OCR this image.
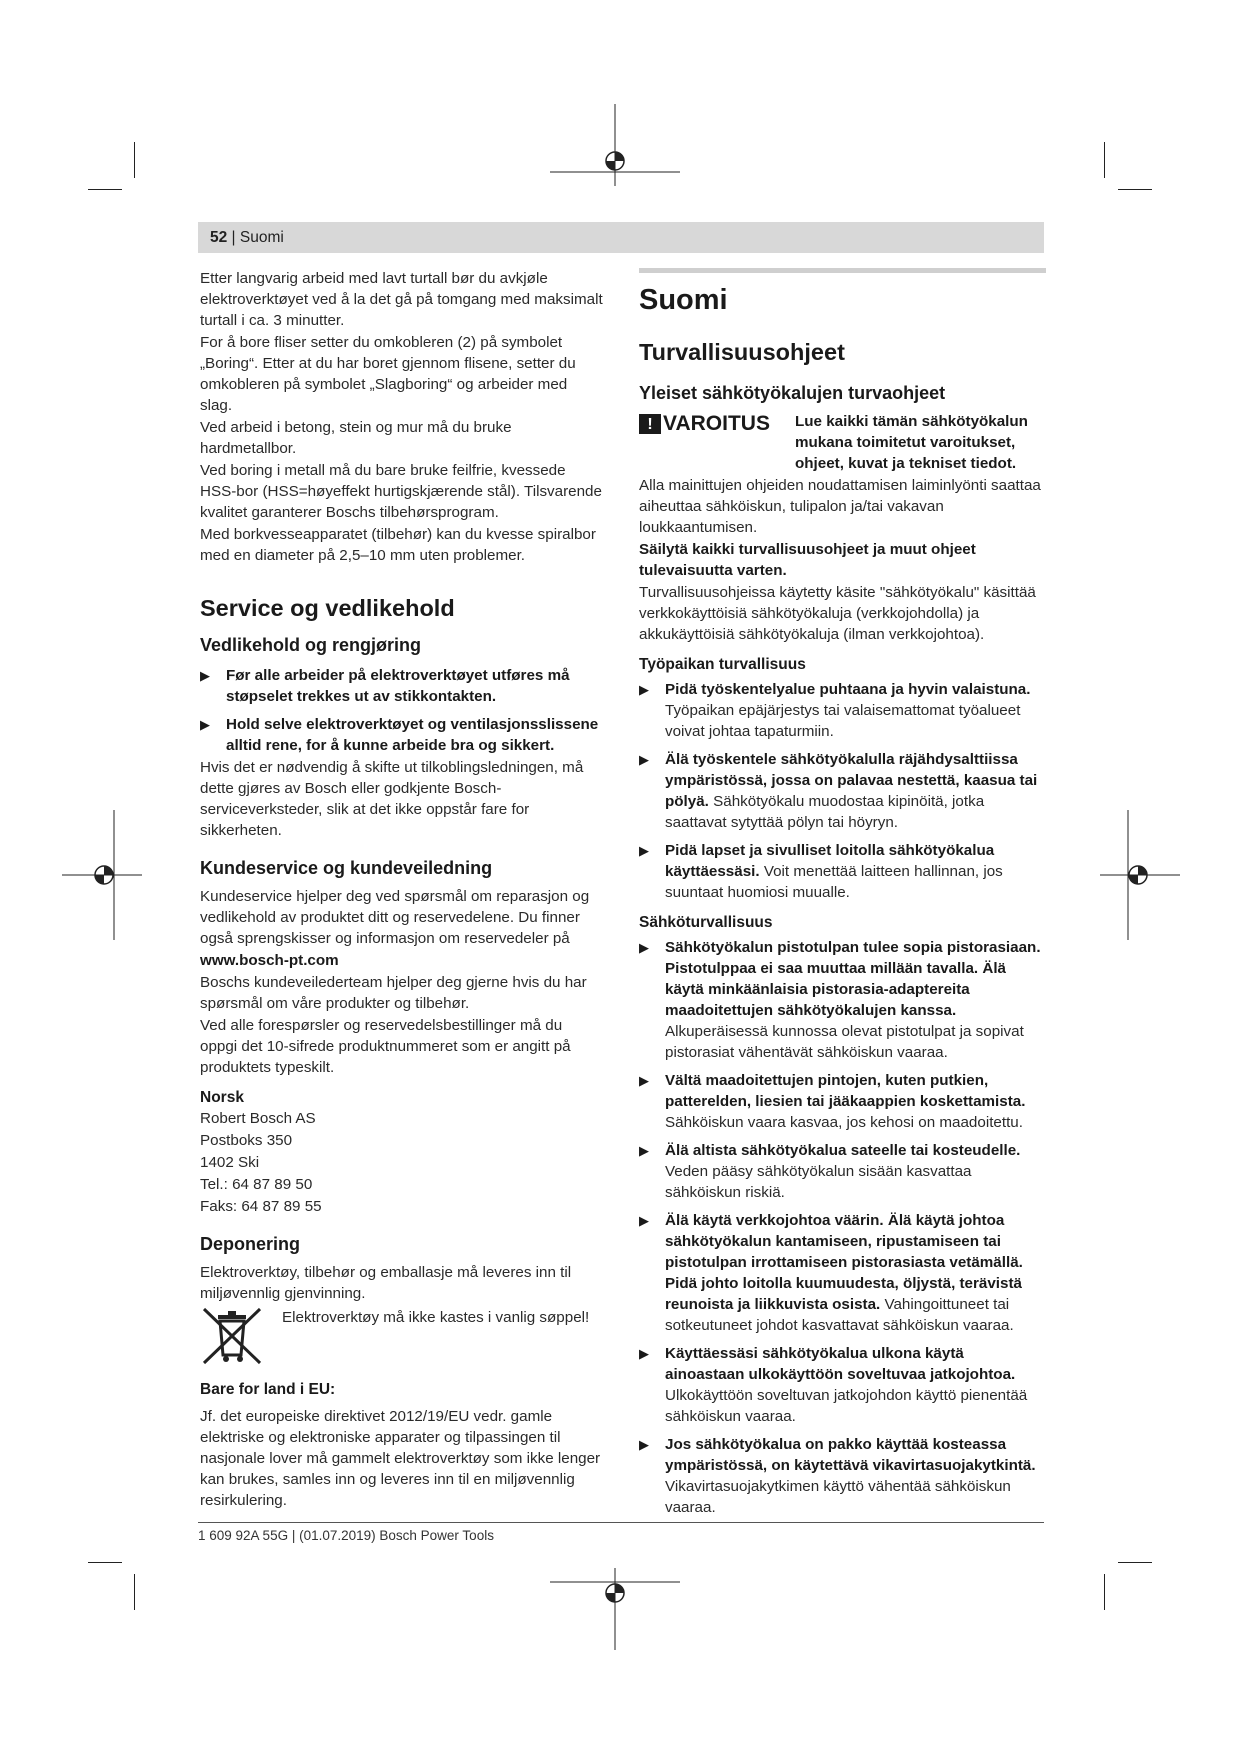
52 | Suomi

Etter langvarig arbeid med lavt turtall bør du avkjøle elektroverktøyet ved å la det gå på tomgang med maksimalt turtall i ca. 3 minutter.

For å bore fliser setter du omkobleren (2) på symbolet „Boring“. Etter at du har boret gjennom flisene, setter du omkobleren på symbolet „Slagboring“ og arbeider med slag.

Ved arbeid i betong, stein og mur må du bruke hardmetallbor.

Ved boring i metall må du bare bruke feilfrie, kvessede HSS-bor (HSS=høyeffekt hurtigskjærende stål). Tilsvarende kvalitet garanterer Boschs tilbehørsprogram.

Med borkvesseapparatet (tilbehør) kan du kvesse spiralbor med en diameter på 2,5–10 mm uten problemer.

Service og vedlikehold
Vedlikehold og rengjøring
▶ Før alle arbeider på elektroverktøyet utføres må støpselet trekkes ut av stikkontakten.
▶ Hold selve elektroverktøyet og ventilasjonsslissene alltid rene, for å kunne arbeide bra og sikkert.

Hvis det er nødvendig å skifte ut tilkoblingsledningen, må dette gjøres av Bosch eller godkjente Bosch-serviceverksteder, slik at det ikke oppstår fare for sikkerheten.

Kundeservice og kundeveiledning

Kundeservice hjelper deg ved spørsmål om reparasjon og vedlikehold av produktet ditt og reservedelene. Du finner også sprengskisser og informasjon om reservedeler på

www.bosch-pt.com

Boschs kundeveilederteam hjelper deg gjerne hvis du har spørsmål om våre produkter og tilbehør.

Ved alle forespørsler og reservedelsbestillinger må du oppgi det 10-sifrede produktnummeret som er angitt på produktets typeskilt.

Norsk

Robert Bosch AS

Postboks 350

1402 Ski

Tel.: 64 87 89 50

Faks: 64 87 89 55

Deponering

Elektroverktøy, tilbehør og emballasje må leveres inn til miljøvennlig gjenvinning.

Elektroverktøy må ikke kastes i vanlig søppel!
Bare for land i EU:

Jf. det europeiske direktivet 2012/19/EU vedr. gamle elektriske og elektroniske apparater og tilpassingen til nasjonale lover må gammelt elektroverktøy som ikke lenger kan brukes, samles inn og leveres inn til en miljøvennlig resirkulering.

Suomi
Turvallisuusohjeet
Yleiset sähkötyökalujen turvaohjeet
!
VAROITUS	Lue kaikki tämän sähkötyökalun mukana toimitetut varoitukset, ohjeet, kuvat ja tekniset tiedot.

Alla mainittujen ohjeiden noudattamisen laiminlyönti saattaa aiheuttaa sähköiskun, tulipalon ja/tai vakavan loukkaantumisen.

Säilytä kaikki turvallisuusohjeet ja muut ohjeet tulevaisuutta varten.

Turvallisuusohjeissa käytetty käsite "sähkötyökalu" käsittää verkkokäyttöisiä sähkötyökaluja (verkkojohdolla) ja akkukäyttöisiä sähkötyökaluja (ilman verkkojohtoa).

Työpaikan turvallisuus
▶ Pidä työskentelyalue puhtaana ja hyvin valaistuna. Työpaikan epäjärjestys tai valaisemattomat työalueet voivat johtaa tapaturmiin.
▶ Älä työskentele sähkötyökalulla räjähdysalttiissa ympäristössä, jossa on palavaa nestettä, kaasua tai pölyä. Sähkötyökalu muodostaa kipinöitä, jotka saattavat sytyttää pölyn tai höyryn.
▶ Pidä lapset ja sivulliset loitolla sähkötyökalua käyttäessäsi. Voit menettää laitteen hallinnan, jos suuntaat huomiosi muualle.
Sähköturvallisuus
▶ Sähkötyökalun pistotulpan tulee sopia pistorasiaan. Pistotulppaa ei saa muuttaa millään tavalla. Älä käytä minkäänlaisia pistorasia-adaptereita maadoitettujen sähkötyökalujen kanssa. Alkuperäisessä kunnossa olevat pistotulpat ja sopivat pistorasiat vähentävät sähköiskun vaaraa.
▶ Vältä maadoitettujen pintojen, kuten putkien, patterelden, liesien tai jääkaappien koskettamista. Sähköiskun vaara kasvaa, jos kehosi on maadoitettu.
▶ Älä altista sähkötyökalua sateelle tai kosteudelle. Veden pääsy sähkötyökalun sisään kasvattaa sähköiskun riskiä.
▶ Älä käytä verkkojohtoa väärin. Älä käytä johtoa sähkötyökalun kantamiseen, ripustamiseen tai pistotulpan irrottamiseen pistorasiasta vetämällä. Pidä johto loitolla kuumuudesta, öljystä, terävistä reunoista ja liikkuvista osista. Vahingoittuneet tai sotkeutuneet johdot kasvattavat sähköiskun vaaraa.
▶ Käyttäessäsi sähkötyökalua ulkona käytä ainoastaan ulkokäyttöön soveltuvaa jatkojohtoa. Ulkokäyttöön soveltuvan jatkojohdon käyttö pienentää sähköiskun vaaraa.
▶ Jos sähkötyökalua on pakko käyttää kosteassa ympäristössä, on käytettävä vikavirtasuojakytkintä. Vikavirtasuojakytkimen käyttö vähentää sähköiskun vaaraa.
1 609 92A 55G | (01.07.2019) Bosch Power Tools
